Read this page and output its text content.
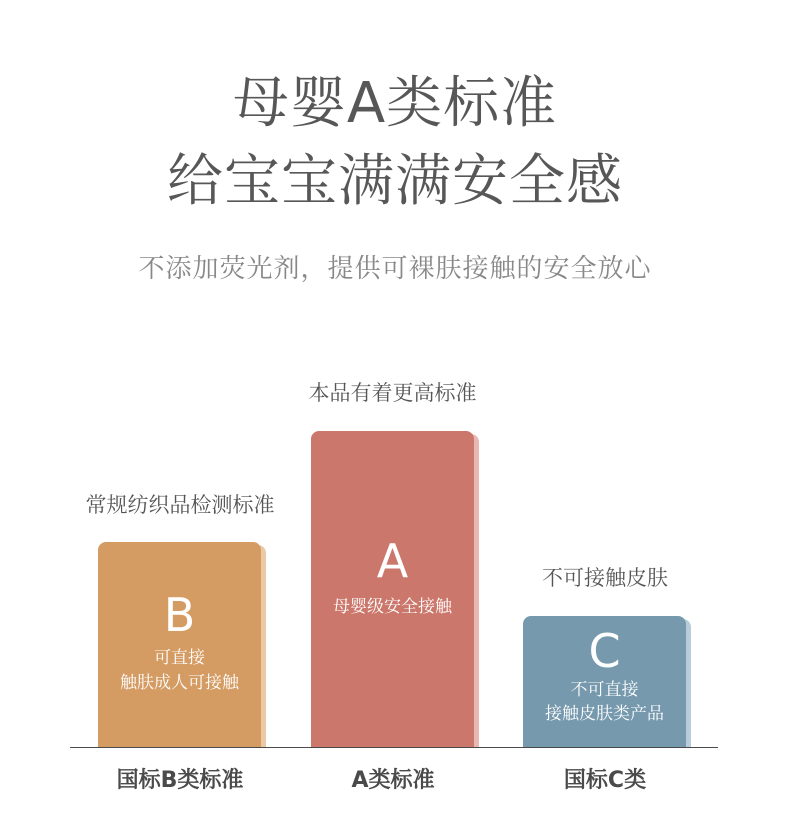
母婴A类标准
给宝宝满满安全感
不添加荧光剂，提供可裸肤接触的安全放心
常规纺织品检测标准
B
可直接
触肤成人可接触
本品有着更高标准
A
母婴级安全接触
不可接触皮肤
C
不可直接
接触皮肤类产品
国标B类标准	A类标准	国标C类
